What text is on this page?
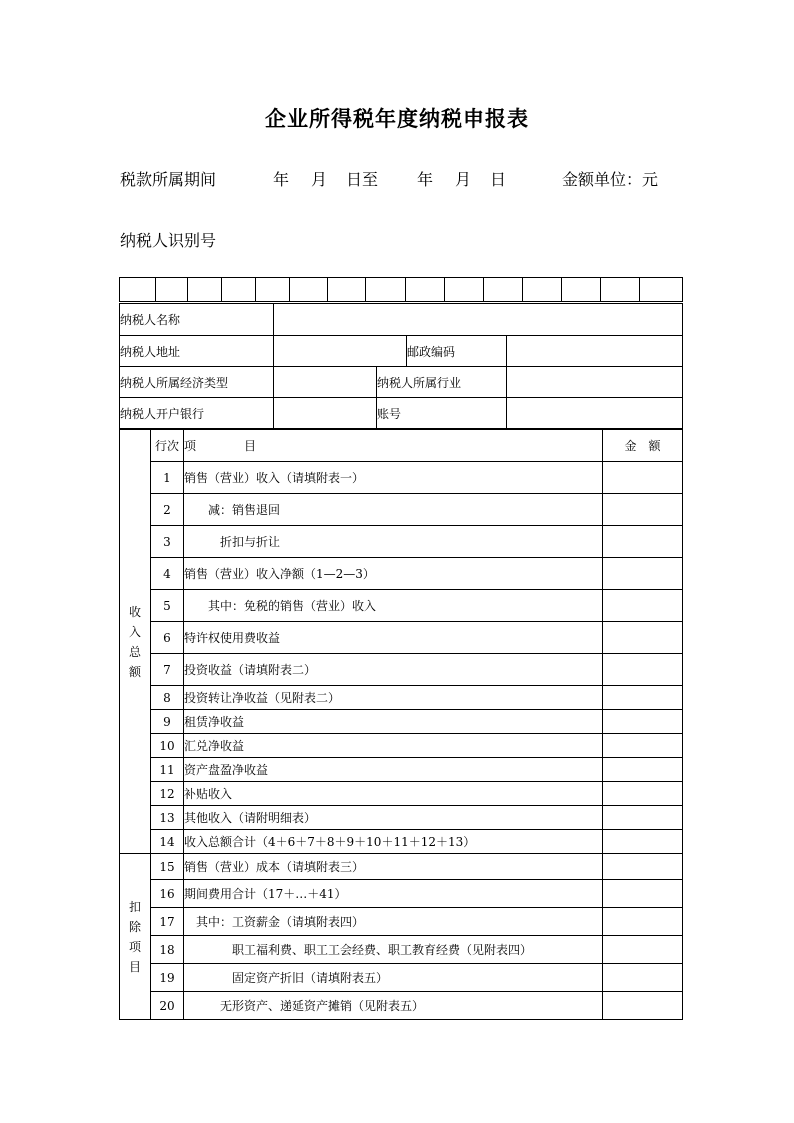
企业所得税年度纳税申报表
税款所属期间	年 月 日至 年 月 日	金额单位：元
纳税人识别号

纳税人名称				
纳税人地址			邮政编码	
纳税人所属经济类型		纳税人所属行业		
纳税人开户银行		账号		
收
入
总
额	行次	项　　　　目	金　额
	1	销售（营业）收入（请填附表一）	
	2	　　减：销售退回	
	3	　　　折扣与折让	
	4	销售（营业）收入净额（1—2—3）	
	5	　　其中：免税的销售（营业）收入	
	6	特许权使用费收益	
	7	投资收益（请填附表二）	
	8	投资转让净收益（见附表二）	
	9	租赁净收益	
	10	汇兑净收益	
	11	资产盘盈净收益	
	12	补贴收入	
	13	其他收入（请附明细表）	
	14	收入总额合计（4＋6＋7＋8＋9＋10＋11＋12＋13）	

扣
除
项
目	15	销售（营业）成本（请填附表三）	
	16	期间费用合计（17＋…＋41）	
	17	　其中：工资薪金（请填附表四）	
	18	　　　　职工福利费、职工工会经费、职工教育经费（见附表四）	
	19	　　　　固定资产折旧（请填附表五）	
	20	　　　无形资产、递延资产摊销（见附表五）	
